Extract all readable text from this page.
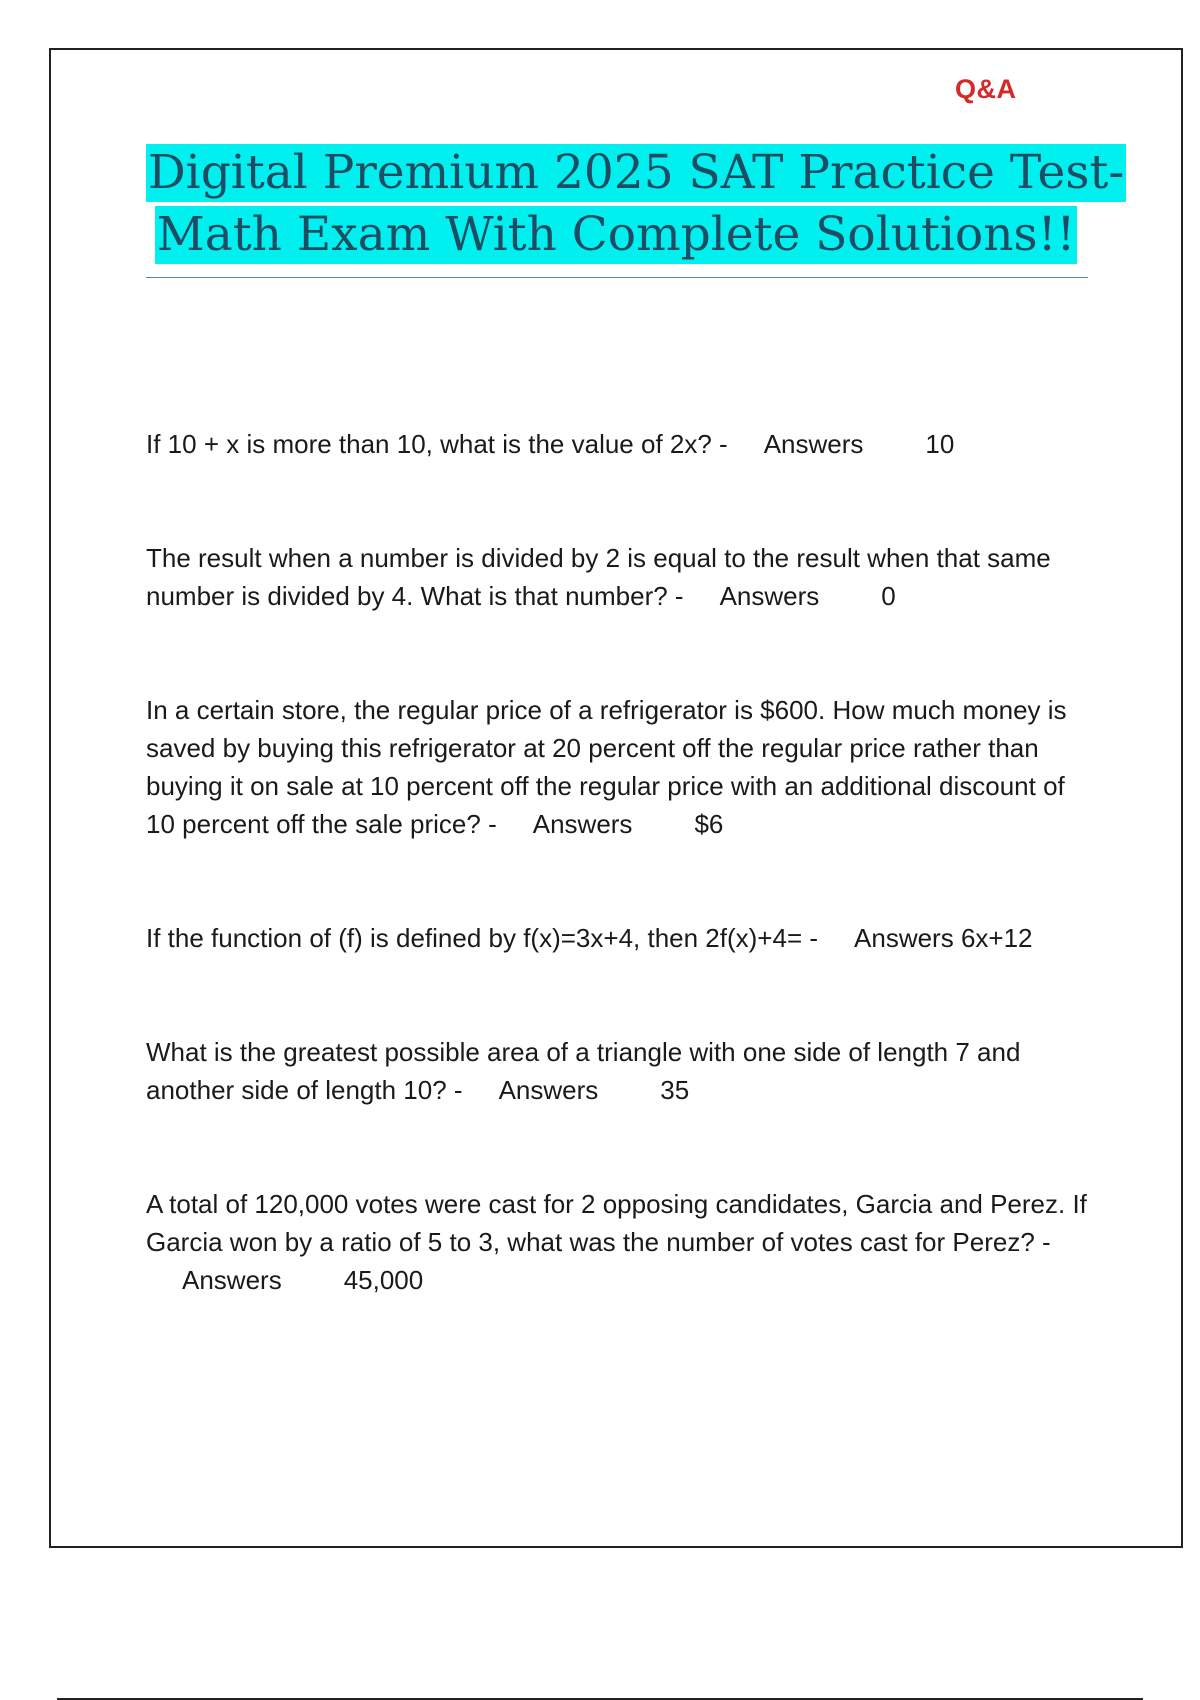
Q&A
Digital Premium 2025 SAT Practice Test-
Math Exam With Complete Solutions!!
If 10 + x is more than 10, what is the value of 2x? - Answers 10
The result when a number is divided by 2 is equal to the result when that same number is divided by 4. What is that number? - Answers 0
In a certain store, the regular price of a refrigerator is $600. How much money is saved by buying this refrigerator at 20 percent off the regular price rather than buying it on sale at 10 percent off the regular price with an additional discount of 10 percent off the sale price? - Answers $6
If the function of (f) is defined by f(x)=3x+4, then 2f(x)+4= - Answers 6x+12
What is the greatest possible area of a triangle with one side of length 7 and another side of length 10? - Answers 35
A total of 120,000 votes were cast for 2 opposing candidates, Garcia and Perez. If Garcia won by a ratio of 5 to 3, what was the number of votes cast for Perez? -Answers 45,000
